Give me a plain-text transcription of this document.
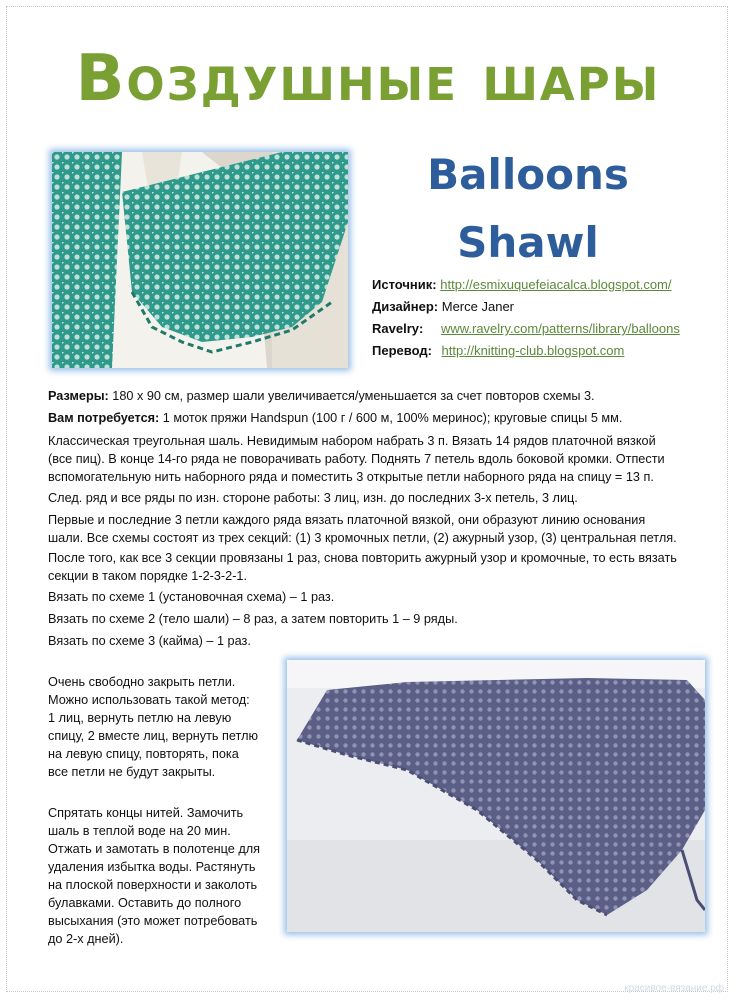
Воздушные шары
Balloons
Shawl
Источник: http://esmixuquefeiacalca.blogspot.com/
Дизайнер: Merce Janer
Ravelry: www.ravelry.com/patterns/library/balloons
Перевод: http://knitting-club.blogspot.com
Размеры: 180 х 90 см, размер шали увеличивается/уменьшается за счет повторов схемы 3.
Вам потребуется: 1 моток пряжи Handspun (100 г / 600 м, 100% меринос); круговые спицы 5 мм.
Классическая треугольная шаль. Невидимым набором набрать 3 п. Вязать 14 рядов платочной вязкой
(все пиц). В конце 14-го ряда не поворачивать работу. Поднять 7 петель вдоль боковой кромки. Отпести
вспомогательную нить наборного ряда и поместить 3 открытые петли наборного ряда на спицу = 13 п.
След. ряд и все ряды по изн. стороне работы: 3 лиц, изн. до последних 3-х петель, 3 лиц.
Первые и последние 3 петли каждого ряда вязать платочной вязкой, они образуют линию основания
шали. Все схемы состоят из трех секций: (1) 3 кромочных петли, (2) ажурный узор, (3) центральная петля.
После того, как все 3 секции провязаны 1 раз, снова повторить ажурный узор и кромочные, то есть вязать
секции в таком порядке 1-2-3-2-1.
Вязать по схеме 1 (установочная схема) – 1 раз.
Вязать по схеме 2 (тело шали) – 8 раз, а затем повторить 1 – 9 ряды.
Вязать по схеме 3 (кайма) – 1 раз.
Очень свободно закрыть петли.
Можно использовать такой метод:
1 лиц, вернуть петлю на левую
спицу, 2 вместе лиц, вернуть петлю
на левую спицу, повторять, пока
все петли не будут закрыты.
Спрятать концы нитей. Замочить
шаль в теплой воде на 20 мин.
Отжать и замотать в полотенце для
удаления избытка воды. Растянуть
на плоской поверхности и заколоть
булавками. Оставить до полного
высыхания (это может потребовать
до 2-х дней).
красивое-вязание.рф
